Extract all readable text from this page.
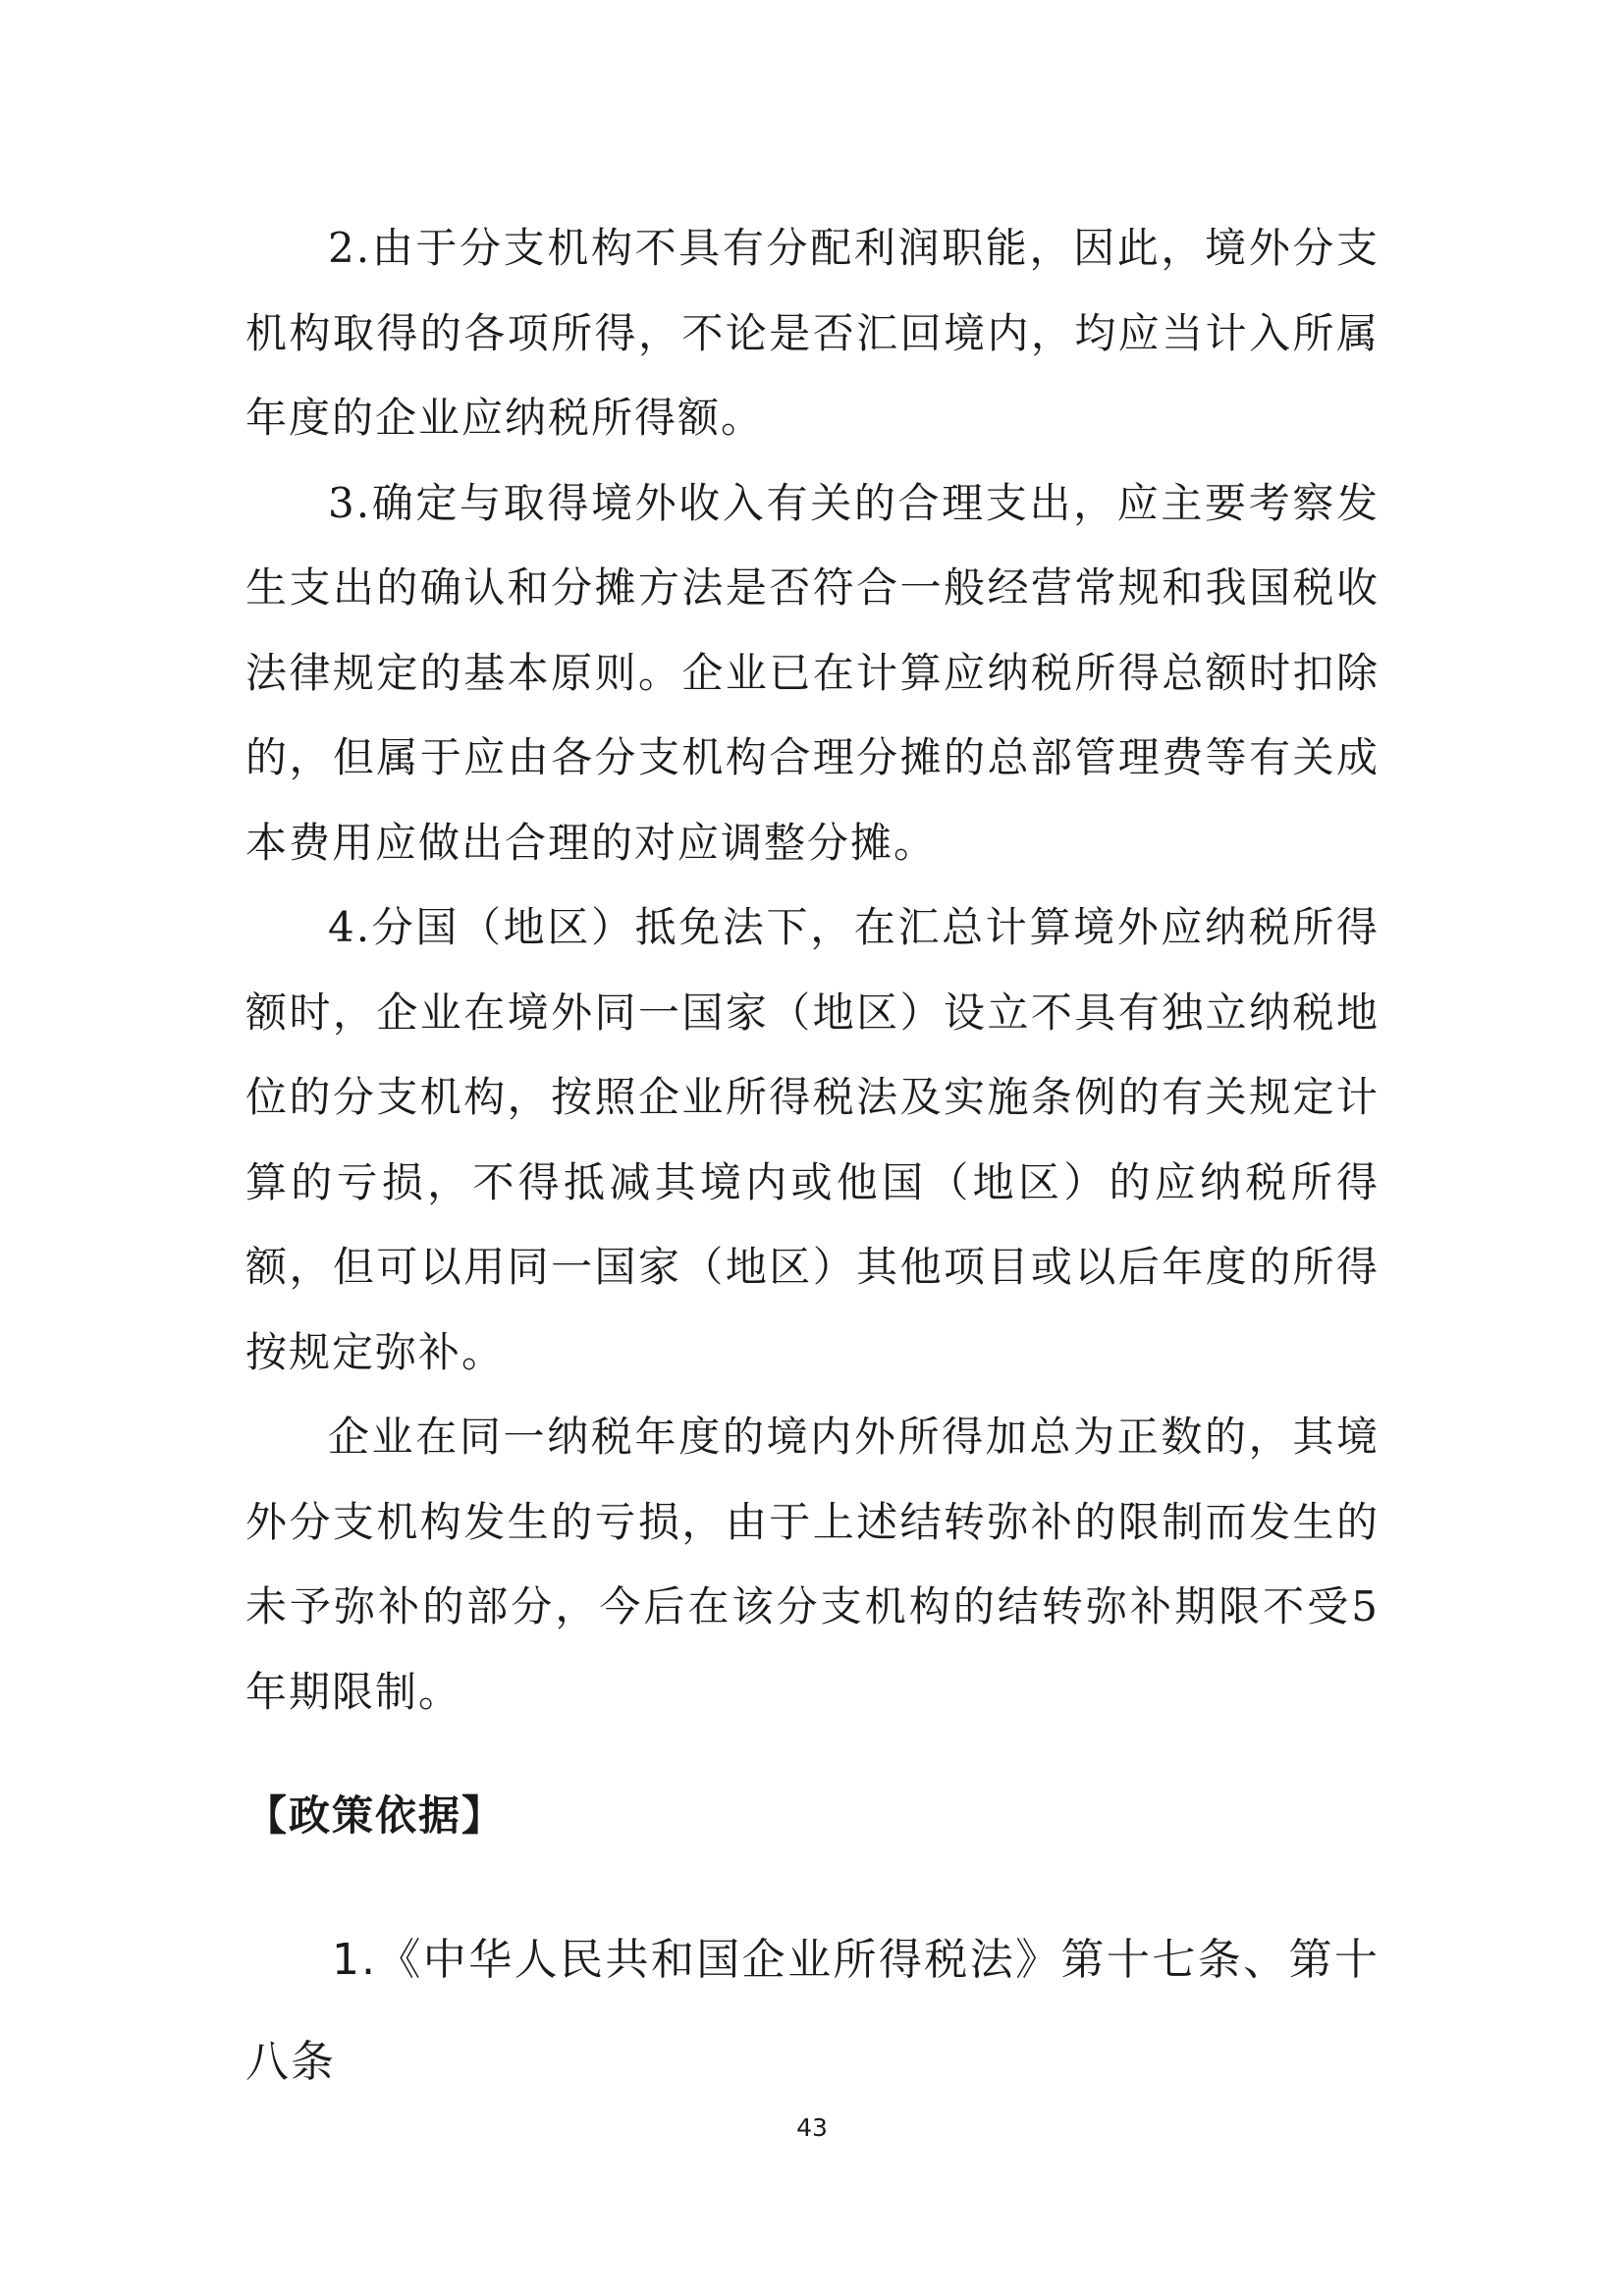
2.由于分支机构不具有分配利润职能，因此，境外分支机构取得的各项所得，不论是否汇回境内，均应当计入所属年度的企业应纳税所得额。

3.确定与取得境外收入有关的合理支出，应主要考察发生支出的确认和分摊方法是否符合一般经营常规和我国税收法律规定的基本原则。企业已在计算应纳税所得总额时扣除的，但属于应由各分支机构合理分摊的总部管理费等有关成本费用应做出合理的对应调整分摊。

4.分国（地区）抵免法下，在汇总计算境外应纳税所得额时，企业在境外同一国家（地区）设立不具有独立纳税地位的分支机构，按照企业所得税法及实施条例的有关规定计算的亏损，不得抵减其境内或他国（地区）的应纳税所得额，但可以用同一国家（地区）其他项目或以后年度的所得按规定弥补。

企业在同一纳税年度的境内外所得加总为正数的，其境外分支机构发生的亏损，由于上述结转弥补的限制而发生的未予弥补的部分，今后在该分支机构的结转弥补期限不受5年期限制。

【政策依据】

1.《中华人民共和国企业所得税法》第十七条、第十八条

43
